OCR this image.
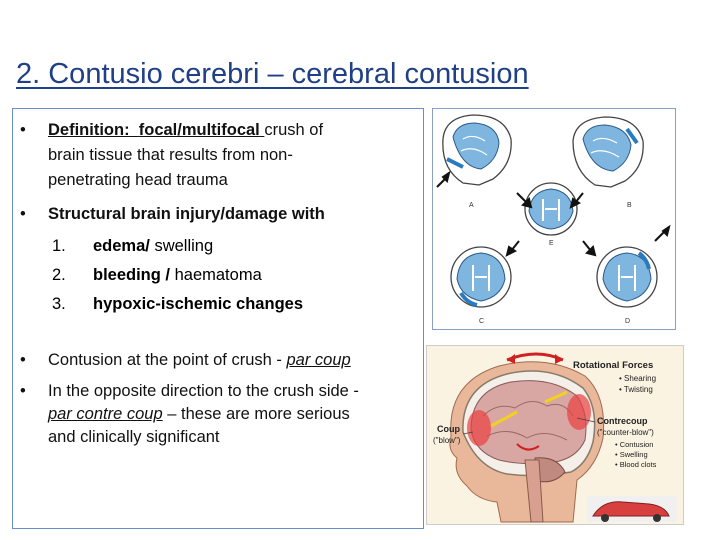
2. Contusio cerebri – cerebral contusion
• Definition: focal/multifocal crush of
brain tissue that results from non-
penetrating head trauma
• Structural brain injury/damage with
1. edema/ swelling
2. bleeding / haematoma
3. hypoxic-ischemic changes
• Contusion at the point of crush - par coup
• In the opposite direction to the crush side -
par contre coup – these are more serious
and clinically significant
A	B
E
C	D
Rotational Forces
• Shearing
• Twisting
Coup
("blow")
Contrecoup
("counter-blow")
• Contusion
• Swelling
• Blood clots
